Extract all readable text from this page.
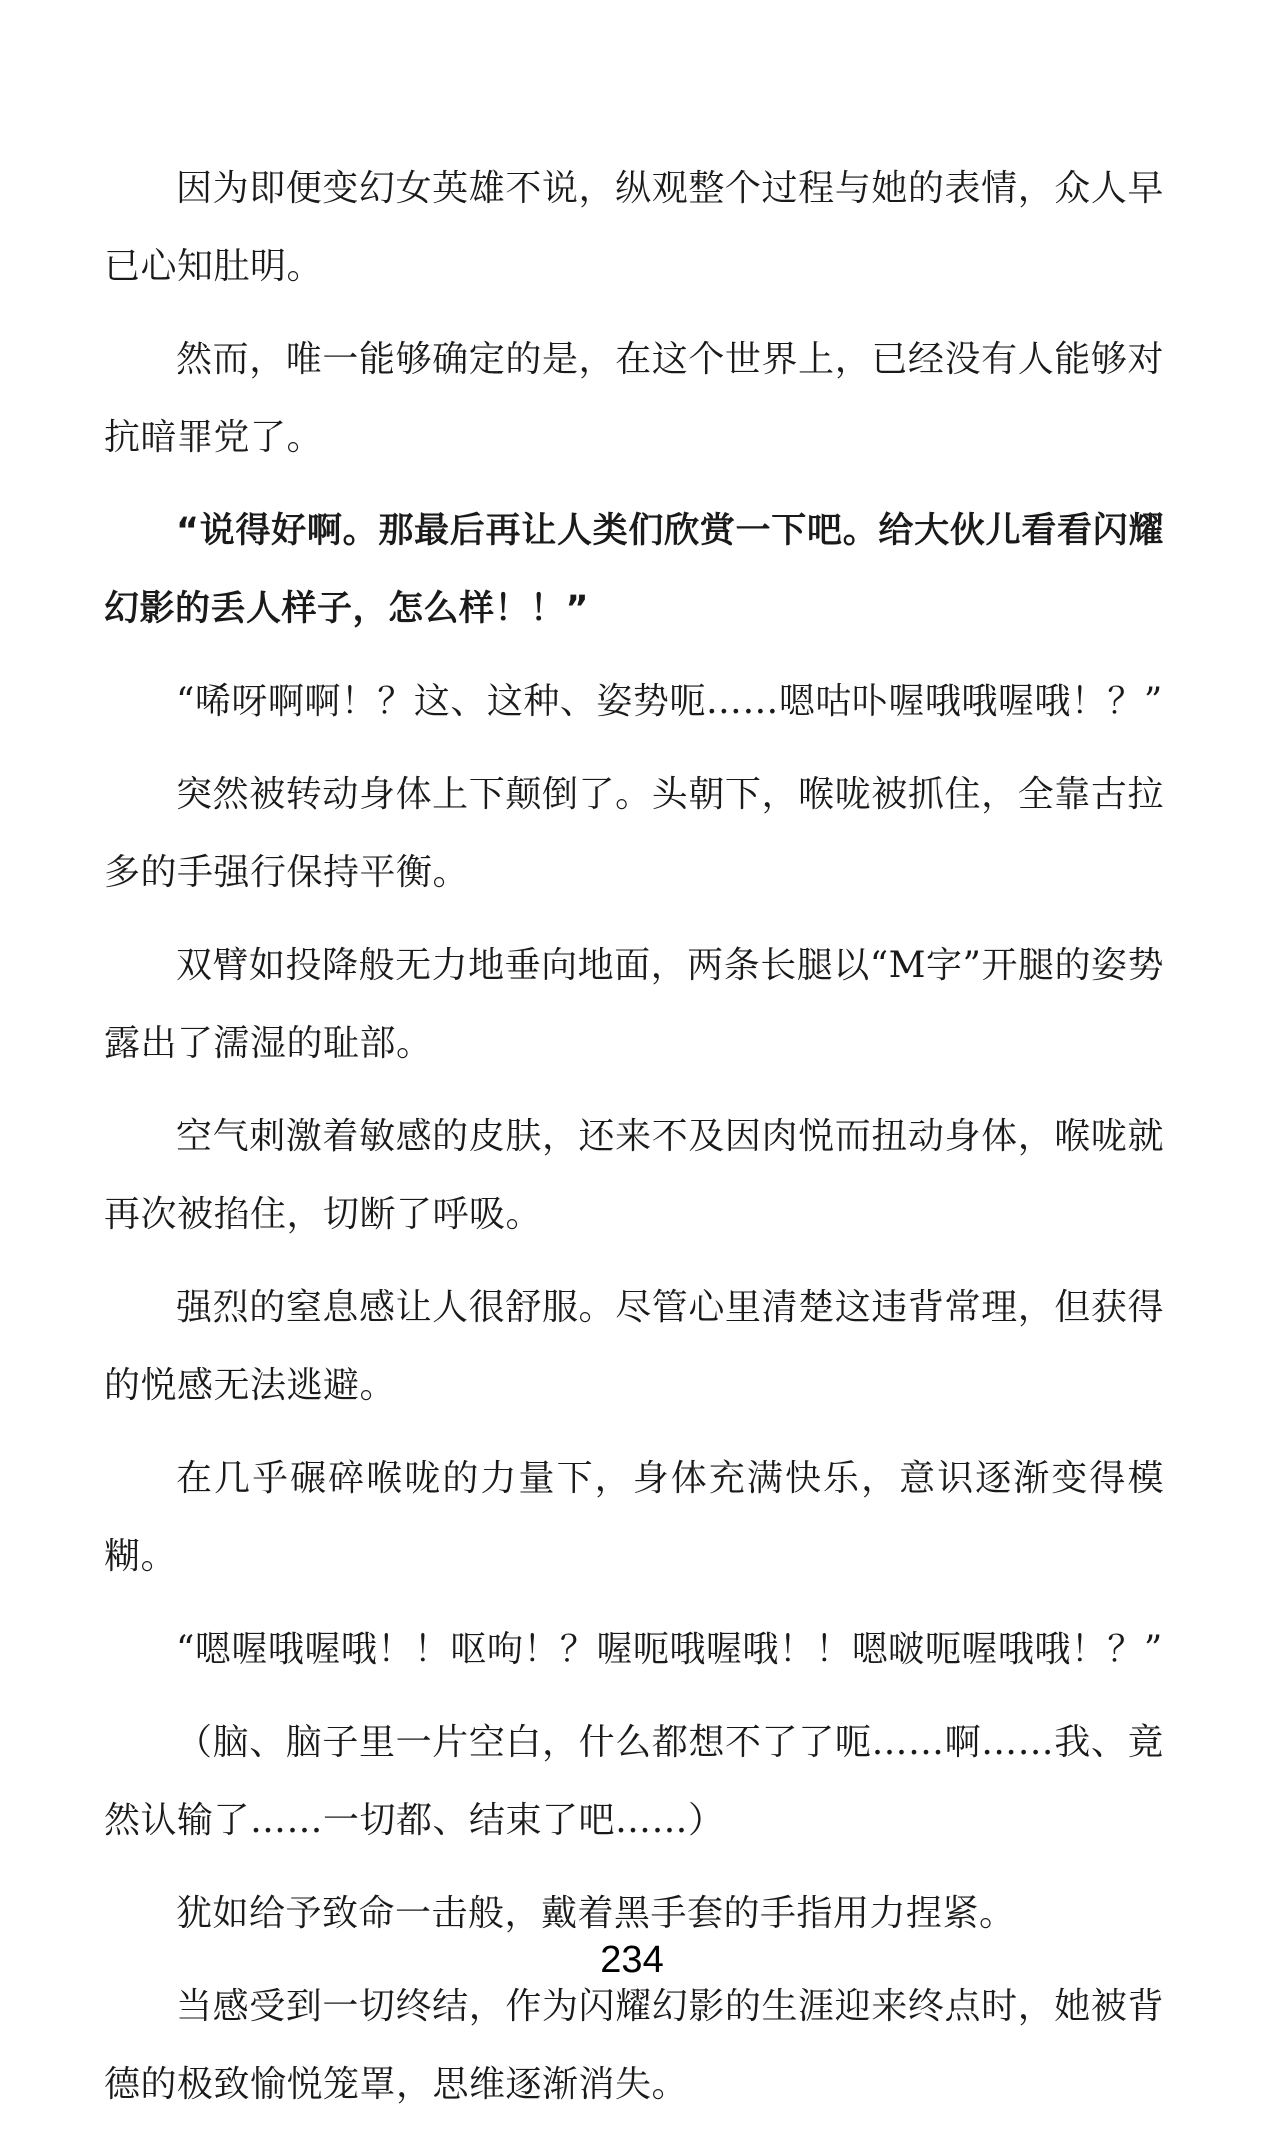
因为即便变幻女英雄不说，纵观整个过程与她的表情，众人早已心知肚明。

然而，唯一能够确定的是，在这个世界上，已经没有人能够对抗暗罪党了。

“说得好啊。那最后再让人类们欣赏一下吧。给大伙儿看看闪耀幻影的丢人样子，怎么样！！”

“唏呀啊啊！？这、这种、姿势呃……嗯咕卟喔哦哦喔哦！？”

突然被转动身体上下颠倒了。头朝下，喉咙被抓住，全靠古拉多的手强行保持平衡。

双臂如投降般无力地垂向地面，两条长腿以“M字”开腿的姿势露出了濡湿的耻部。

空气刺激着敏感的皮肤，还来不及因肉悦而扭动身体，喉咙就再次被掐住，切断了呼吸。

强烈的窒息感让人很舒服。尽管心里清楚这违背常理，但获得的悦感无法逃避。

在几乎碾碎喉咙的力量下，身体充满快乐，意识逐渐变得模糊。

“嗯喔哦喔哦！！呕呴！？喔呃哦喔哦！！嗯啵呃喔哦哦！？”

（脑、脑子里一片空白，什么都想不了了呃……啊……我、竟然认输了……一切都、结束了吧……）

犹如给予致命一击般，戴着黑手套的手指用力捏紧。

当感受到一切终结，作为闪耀幻影的生涯迎来终点时，她被背德的极致愉悦笼罩，思维逐渐消失。

234
